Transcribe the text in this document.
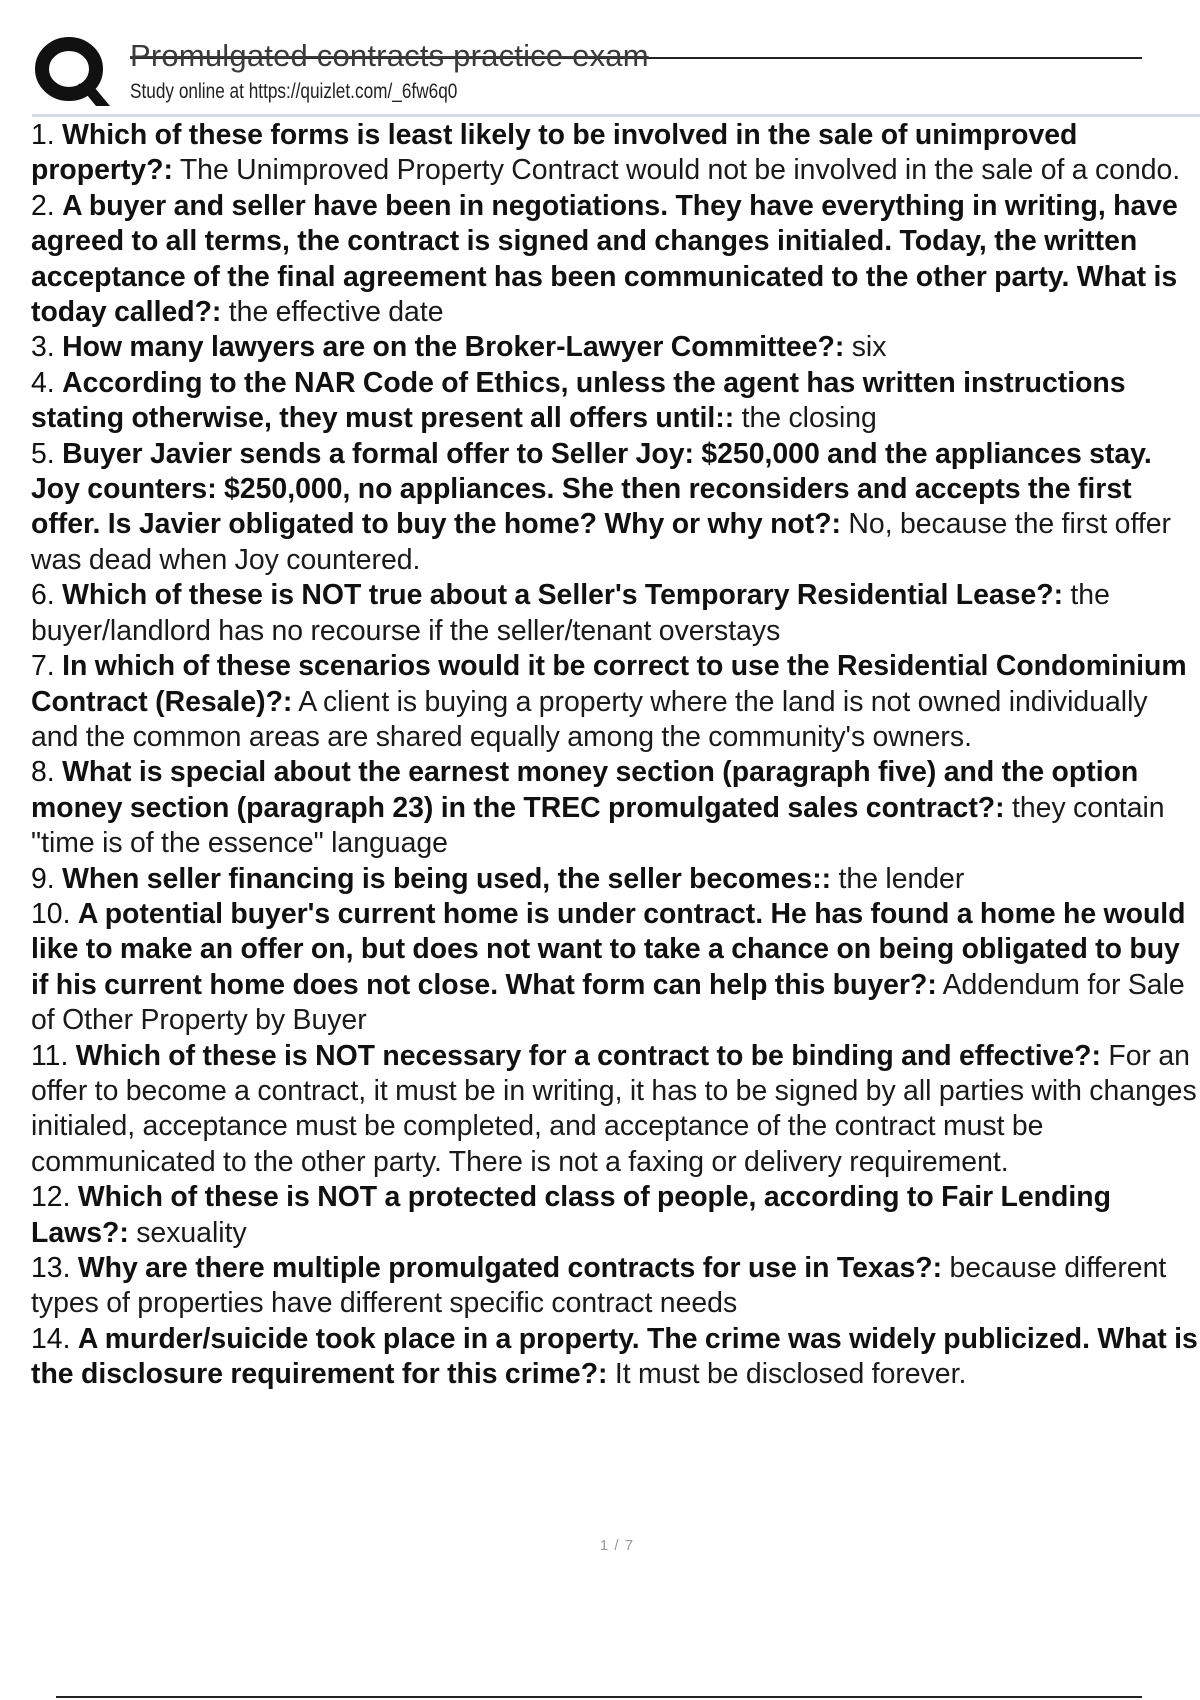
Promulgated contracts practice exam
Study online at https://quizlet.com/_6fw6q0
1. Which of these forms is least likely to be involved in the sale of unimproved property?: The Unimproved Property Contract would not be involved in the sale of a condo.
2. A buyer and seller have been in negotiations. They have everything in writing, have agreed to all terms, the contract is signed and changes initialed. Today, the written acceptance of the final agreement has been communicated to the other party. What is today called?: the effective date
3. How many lawyers are on the Broker-Lawyer Committee?: six
4. According to the NAR Code of Ethics, unless the agent has written instructions stating otherwise, they must present all offers until:: the closing
5. Buyer Javier sends a formal offer to Seller Joy: $250,000 and the appliances stay. Joy counters: $250,000, no appliances. She then reconsiders and accepts the first offer. Is Javier obligated to buy the home? Why or why not?: No, because the first offer was dead when Joy countered.
6. Which of these is NOT true about a Seller's Temporary Residential Lease?: the buyer/landlord has no recourse if the seller/tenant overstays
7. In which of these scenarios would it be correct to use the Residential Condominium Contract (Resale)?: A client is buying a property where the land is not owned individually and the common areas are shared equally among the community's owners.
8. What is special about the earnest money section (paragraph five) and the option money section (paragraph 23) in the TREC promulgated sales contract?: they contain "time is of the essence" language
9. When seller financing is being used, the seller becomes:: the lender
10. A potential buyer's current home is under contract. He has found a home he would like to make an offer on, but does not want to take a chance on being obligated to buy if his current home does not close. What form can help this buyer?: Addendum for Sale of Other Property by Buyer
11. Which of these is NOT necessary for a contract to be binding and effective?: For an offer to become a contract, it must be in writing, it has to be signed by all parties with changes initialed, acceptance must be completed, and acceptance of the contract must be communicated to the other party. There is not a faxing or delivery requirement.
12. Which of these is NOT a protected class of people, according to Fair Lending Laws?: sexuality
13. Why are there multiple promulgated contracts for use in Texas?: because different types of properties have different specific contract needs
14. A murder/suicide took place in a property. The crime was widely publicized. What is the disclosure requirement for this crime?: It must be disclosed forever.
1 / 7
